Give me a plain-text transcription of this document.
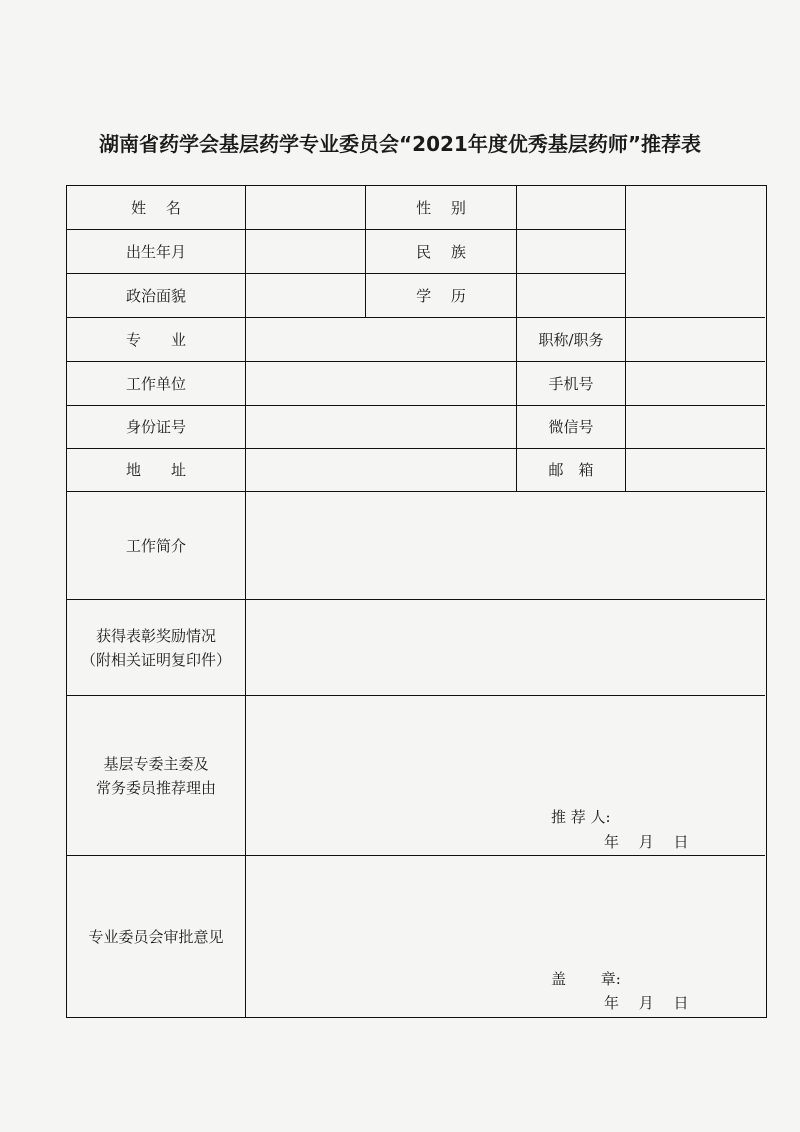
湖南省药学会基层药学专业委员会“2021年度优秀基层药师”推荐表
姓　 名	性　 别
出生年月	民　 族
政治面貌	学　 历
专　　业	职称/职务
工作单位	手机号
身份证号	微信号
地　　址	邮　箱
工作简介
获得表彰奖励情况
（附相关证明复印件）
基层专委主委及
常务委员推荐理由
推 荐 人:
年　 月　 日
专业委员会审批意见
盖　　 章:
年　 月　 日
